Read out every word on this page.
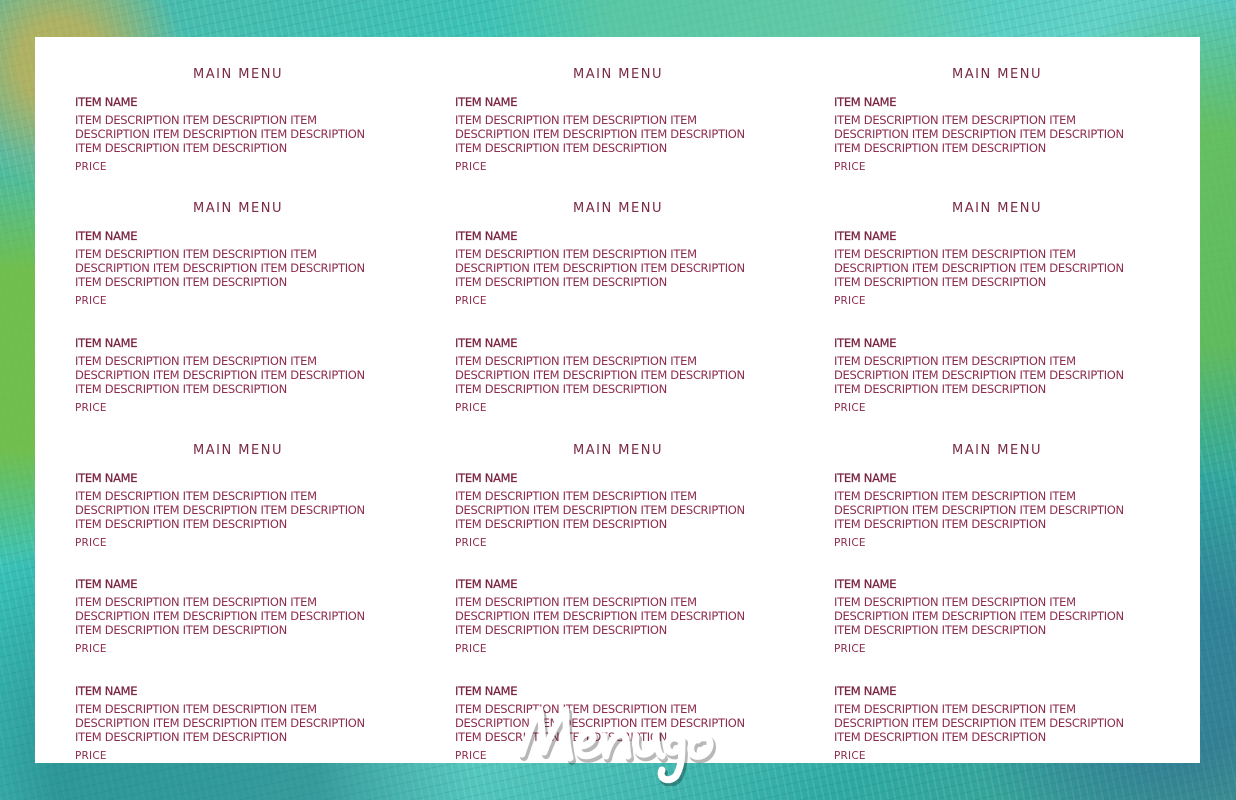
MAIN MENU
ITEM NAME
ITEM DESCRIPTION ITEM DESCRIPTION ITEM DESCRIPTION ITEM DESCRIPTION ITEM DESCRIPTION ITEM DESCRIPTION ITEM DESCRIPTION
PRICE
MAIN MENU
ITEM NAME
ITEM DESCRIPTION ITEM DESCRIPTION ITEM DESCRIPTION ITEM DESCRIPTION ITEM DESCRIPTION ITEM DESCRIPTION ITEM DESCRIPTION
PRICE
ITEM NAME
ITEM DESCRIPTION ITEM DESCRIPTION ITEM DESCRIPTION ITEM DESCRIPTION ITEM DESCRIPTION ITEM DESCRIPTION ITEM DESCRIPTION
PRICE
MAIN MENU
ITEM NAME
ITEM DESCRIPTION ITEM DESCRIPTION ITEM DESCRIPTION ITEM DESCRIPTION ITEM DESCRIPTION ITEM DESCRIPTION ITEM DESCRIPTION
PRICE
ITEM NAME
ITEM DESCRIPTION ITEM DESCRIPTION ITEM DESCRIPTION ITEM DESCRIPTION ITEM DESCRIPTION ITEM DESCRIPTION ITEM DESCRIPTION
PRICE
ITEM NAME
ITEM DESCRIPTION ITEM DESCRIPTION ITEM DESCRIPTION ITEM DESCRIPTION ITEM DESCRIPTION ITEM DESCRIPTION ITEM DESCRIPTION
PRICE
MAIN MENU
ITEM NAME
ITEM DESCRIPTION ITEM DESCRIPTION ITEM DESCRIPTION ITEM DESCRIPTION ITEM DESCRIPTION ITEM DESCRIPTION ITEM DESCRIPTION
PRICE
MAIN MENU
ITEM NAME
ITEM DESCRIPTION ITEM DESCRIPTION ITEM DESCRIPTION ITEM DESCRIPTION ITEM DESCRIPTION ITEM DESCRIPTION ITEM DESCRIPTION
PRICE
ITEM NAME
ITEM DESCRIPTION ITEM DESCRIPTION ITEM DESCRIPTION ITEM DESCRIPTION ITEM DESCRIPTION ITEM DESCRIPTION ITEM DESCRIPTION
PRICE
MAIN MENU
ITEM NAME
ITEM DESCRIPTION ITEM DESCRIPTION ITEM DESCRIPTION ITEM DESCRIPTION ITEM DESCRIPTION ITEM DESCRIPTION ITEM DESCRIPTION
PRICE
ITEM NAME
ITEM DESCRIPTION ITEM DESCRIPTION ITEM DESCRIPTION ITEM DESCRIPTION ITEM DESCRIPTION ITEM DESCRIPTION ITEM DESCRIPTION
PRICE
ITEM NAME
ITEM DESCRIPTION ITEM DESCRIPTION ITEM DESCRIPTION ITEM DESCRIPTION ITEM DESCRIPTION ITEM DESCRIPTION ITEM DESCRIPTION
PRICE
MAIN MENU
ITEM NAME
ITEM DESCRIPTION ITEM DESCRIPTION ITEM DESCRIPTION ITEM DESCRIPTION ITEM DESCRIPTION ITEM DESCRIPTION ITEM DESCRIPTION
PRICE
MAIN MENU
ITEM NAME
ITEM DESCRIPTION ITEM DESCRIPTION ITEM DESCRIPTION ITEM DESCRIPTION ITEM DESCRIPTION ITEM DESCRIPTION ITEM DESCRIPTION
PRICE
ITEM NAME
ITEM DESCRIPTION ITEM DESCRIPTION ITEM DESCRIPTION ITEM DESCRIPTION ITEM DESCRIPTION ITEM DESCRIPTION ITEM DESCRIPTION
PRICE
MAIN MENU
ITEM NAME
ITEM DESCRIPTION ITEM DESCRIPTION ITEM DESCRIPTION ITEM DESCRIPTION ITEM DESCRIPTION ITEM DESCRIPTION ITEM DESCRIPTION
PRICE
ITEM NAME
ITEM DESCRIPTION ITEM DESCRIPTION ITEM DESCRIPTION ITEM DESCRIPTION ITEM DESCRIPTION ITEM DESCRIPTION ITEM DESCRIPTION
PRICE
ITEM NAME
ITEM DESCRIPTION ITEM DESCRIPTION ITEM DESCRIPTION ITEM DESCRIPTION ITEM DESCRIPTION ITEM DESCRIPTION ITEM DESCRIPTION
PRICE
